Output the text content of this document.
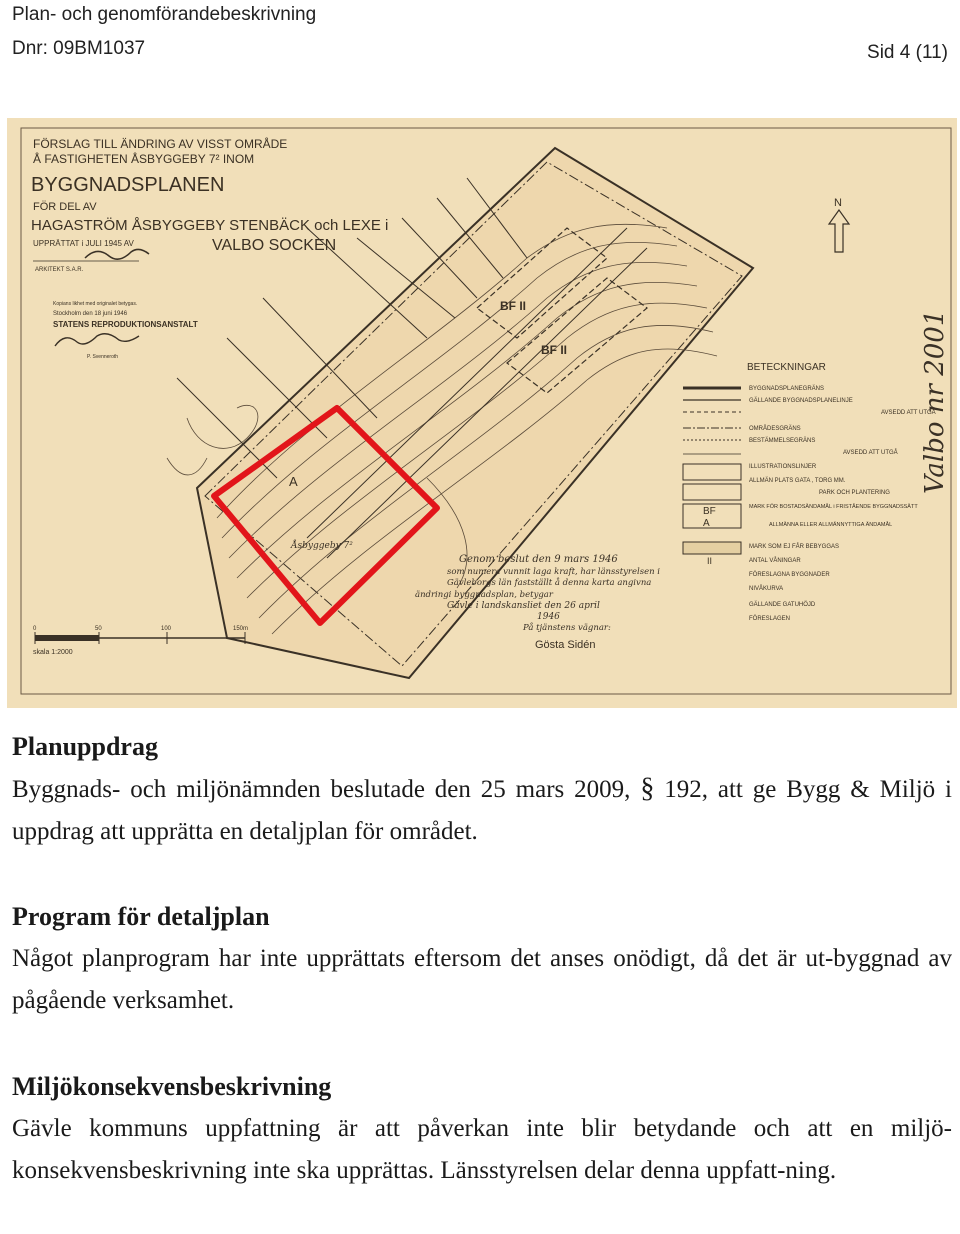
Plan- och genomförandebeskrivning
Dnr: 09BM1037	Sid 4 (11)
FÖRSLAG TILL ÄNDRING AV VISST OMRÅDE
Å FASTIGHETEN ÅSBYGGEBY 7² INOM
BYGGNADSPLANEN
FÖR DEL AV
HAGASTRÖM ÅSBYGGEBY STENBÄCK och LEXE i
VALBO SOCKEN
UPPRÄTTAT i JULI 1945 AV
ARKITEKT S.A.R.
Kopians likhet med originalet betygas.
Stockholm den 18 juni 1946
STATENS REPRODUKTIONSANSTALT
P. Svenneroth
N
Valbo nr 2001
BF II
BF II
A
Åsbyggeby 7²
BETECKNINGAR
BF
A
II
BYGGNADSPLANEGRÄNS
GÄLLANDE BYGGNADSPLANELINJE
AVSEDD ATT UTGÅ
OMRÅDESGRÄNS
BESTÄMMELSEGRÄNS
AVSEDD ATT UTGÅ
ILLUSTRATIONSLINJER
ALLMÄN PLATS GATA , TORG MM.
PARK OCH PLANTERING
MARK FÖR BOSTADSÄNDAMÅL i FRISTÅENDE BYGGNADSSÄTT
ALLMÄNNA ELLER ALLMÄNNYTTIGA ÄNDAMÅL
MARK SOM EJ FÅR BEBYGGAS
ANTAL VÅNINGAR
FÖRESLAGNA BYGGNADER
NIVÅKURVA
GÄLLANDE GATUHÖJD
FÖRESLAGEN
Genom beslut den 9 mars 1946
som numera vunnit laga kraft, har länsstyrelsen i
Gävleborgs län fastställt å denna karta angivna
ändringi byggnadsplan, betygar
Gävle i landskansliet den 26 april
1946
På tjänstens vägnar:
Gösta Sidén
0	50	100	150m
skala 1:2000
Planuppdrag

Byggnads- och miljönämnden beslutade den 25 mars 2009, § 192, att ge Bygg & Miljö i uppdrag att upprätta en detaljplan för området.

Program för detaljplan

Något planprogram har inte upprättats eftersom det anses onödigt, då det är ut-byggnad av pågående verksamhet.

Miljökonsekvensbeskrivning

Gävle kommuns uppfattning är att påverkan inte blir betydande och att en miljö-konsekvensbeskrivning inte ska upprättas. Länsstyrelsen delar denna uppfatt-ning.
